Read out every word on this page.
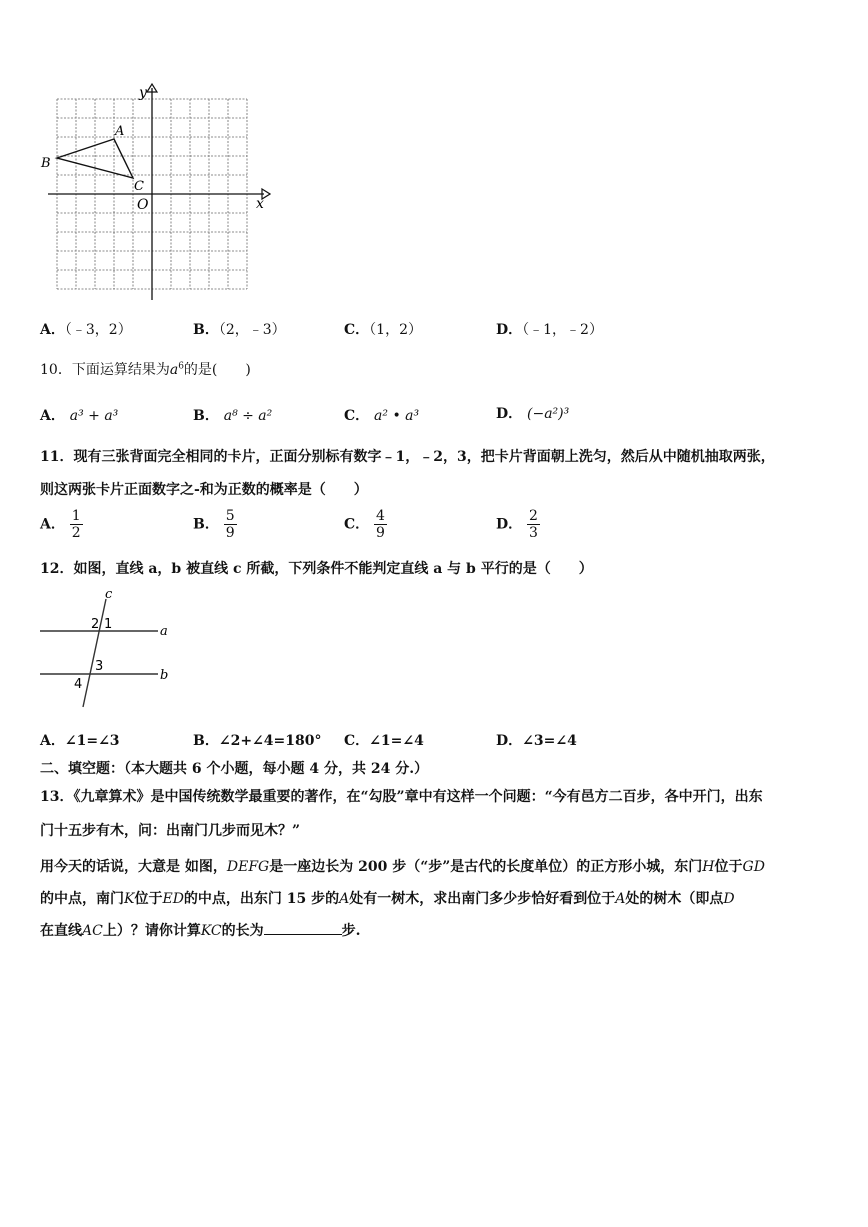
y
x
O
A
B
C
A．（﹣3，2）	B．（2，﹣3）	C．（1，2）	D．（﹣1，﹣2）
10．下面运算结果为$a^6$的是(　　)
A． a³ + a³	B． a⁸ ÷ a²	C． a² • a³	D． (−a²)³
11．现有三张背面完全相同的卡片，正面分别标有数字﹣1，﹣2，3，把卡片背面朝上洗匀，然后从中随机抽取两张，
则这两张卡片正面数字之‐和为正数的概率是（　　）
A． $\frac{1}{2}$	B． $\frac{5}{9}$	C． $\frac{4}{9}$	D． $\frac{2}{3}$
12．如图，直线 a，b 被直线 c 所截，下列条件不能判定直线 a 与 b 平行的是（　　）
c
a
b
1
2
3
4
A．∠1=∠3	B．∠2+∠4=180° C．∠1=∠4	D．∠3=∠4
二、填空题：（本大题共 6 个小题，每小题 4 分，共 24 分.）
13．《九章算术》是中国传统数学最重要的著作，在“勾股”章中有这样一个问题：“今有邑方二百步，各中开门，出东
门十五步有木，问：出南门几步而见木？”
用今天的话说，大意是 如图，DEFG是一座边长为 200 步（“步”是古代的长度单位）的正方形小城，东门H位于GD
的中点，南门K位于ED的中点，出东门 15 步的A处有一树木，求出南门多少步恰好看到位于A处的树木（即点D
在直线AC上）？请你计算KC的长为	步.
